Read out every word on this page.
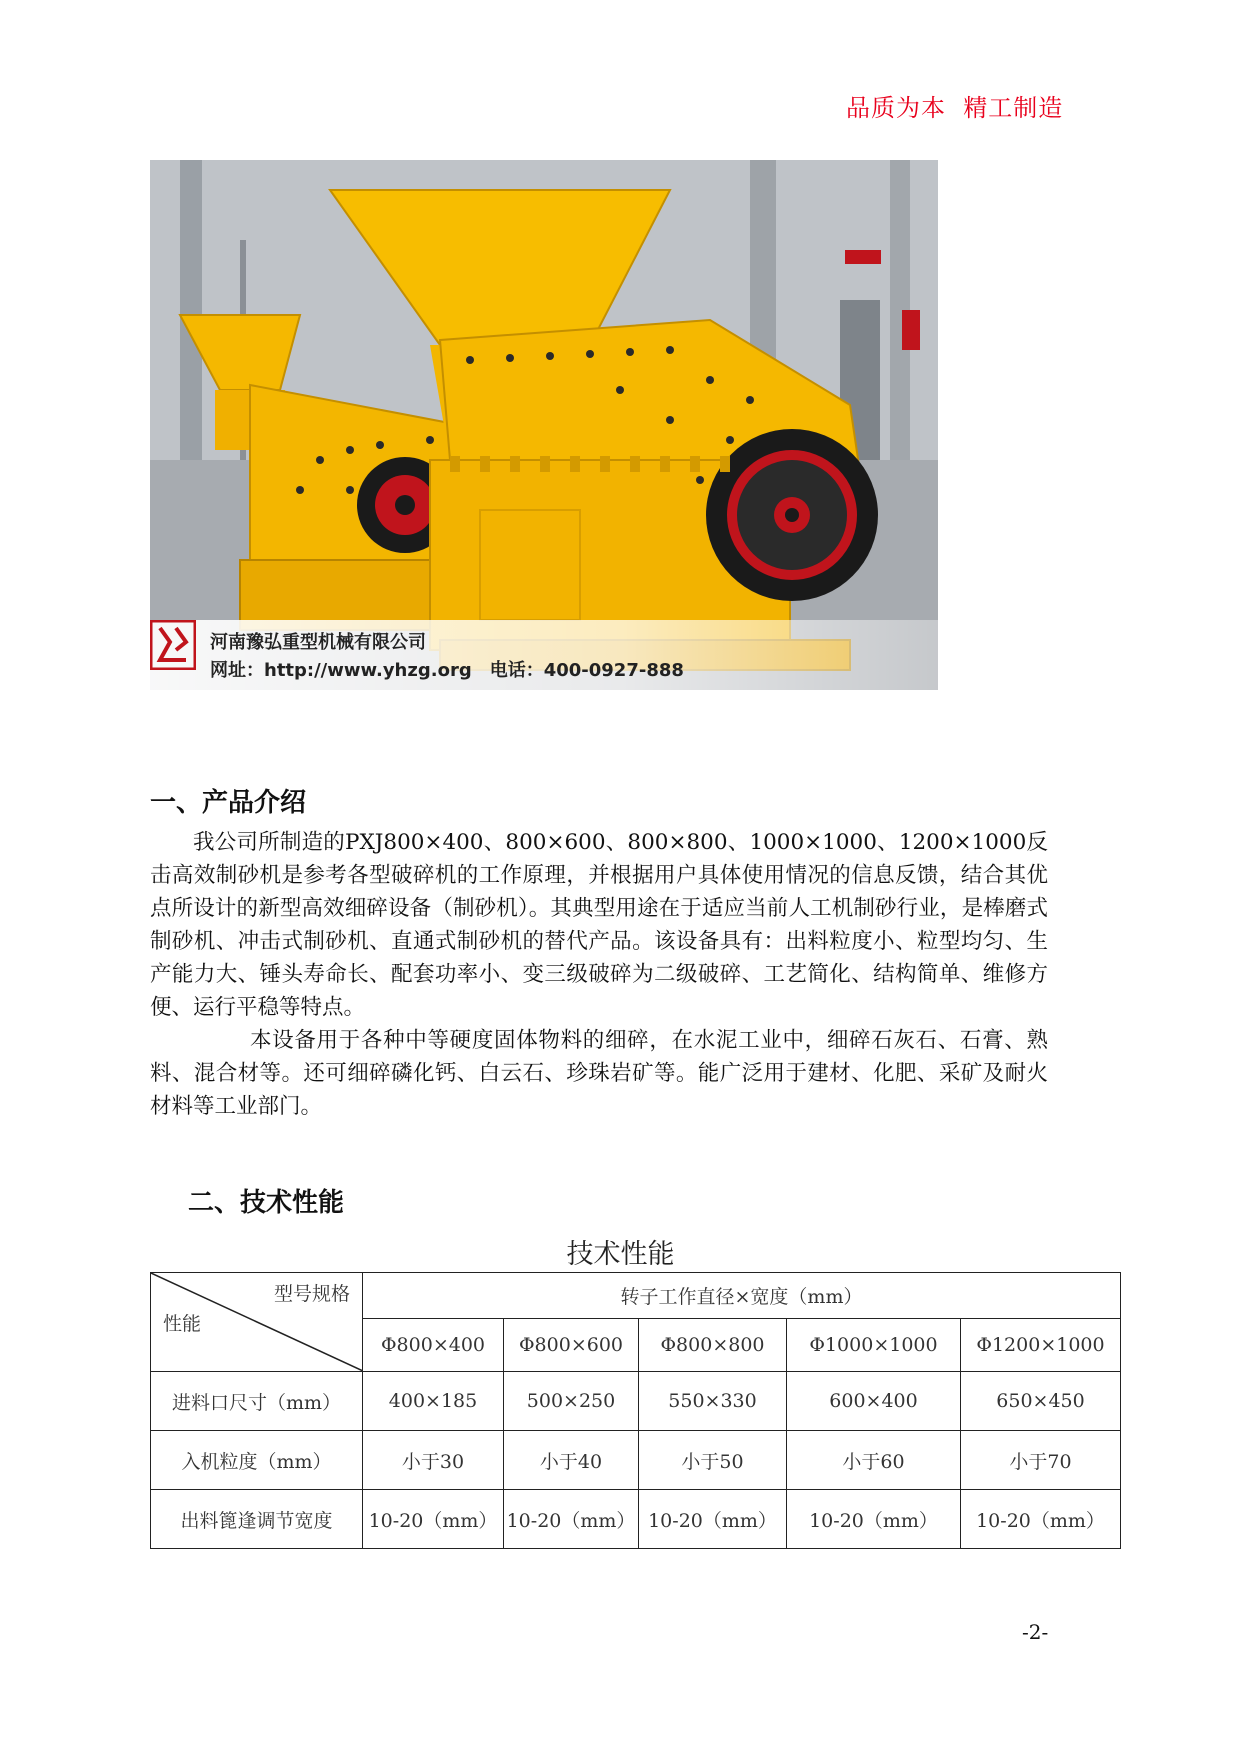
品质为本  精工制造
河南豫弘重型机械有限公司
网址：http://www.yhzg.org 电话：400-0927-888
一、产品介绍

我公司所制造的PXJ800×400、800×600、800×800、1000×1000、1200×1000反击高效制砂机是参考各型破碎机的工作原理，并根据用户具体使用情况的信息反馈，结合其优点所设计的新型高效细碎设备（制砂机）。其典型用途在于适应当前人工机制砂行业，是棒磨式制砂机、冲击式制砂机、直通式制砂机的替代产品。该设备具有：出料粒度小、粒型均匀、生产能力大、锤头寿命长、配套功率小、变三级破碎为二级破碎、工艺简化、结构简单、维修方便、运行平稳等特点。

本设备用于各种中等硬度固体物料的细碎，在水泥工业中，细碎石灰石、石膏、熟料、混合材等。还可细碎磷化钙、白云石、珍珠岩矿等。能广泛用于建材、化肥、采矿及耐火材料等工业部门。

二、技术性能
技术性能
型号规格
性能	转子工作直径×宽度（mm）				
	Φ800×400	Φ800×600	Φ800×800	Φ1000×1000	Φ1200×1000
进料口尺寸（mm）	400×185	500×250	550×330	600×400	650×450
入机粒度（mm）	小于30	小于40	小于50	小于60	小于70
出料篦逢调节宽度	10-20（mm）	10-20（mm）	10-20（mm）	10-20（mm）	10-20（mm）
-2-
